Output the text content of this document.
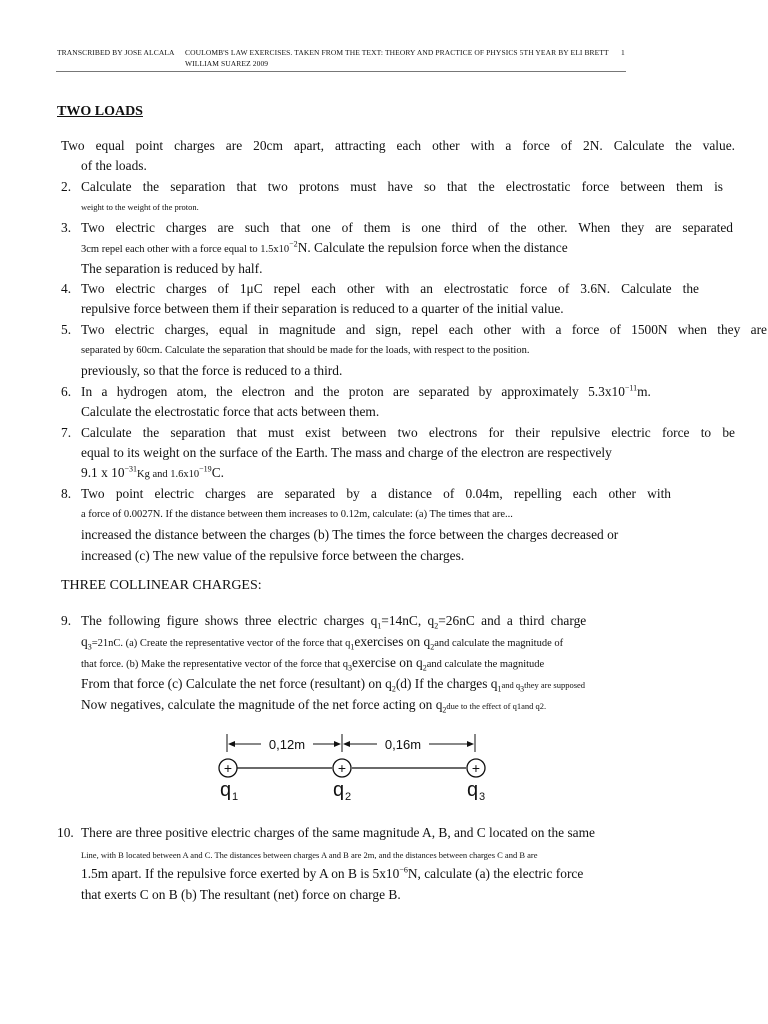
TRANSCRIBED BY JOSE ALCALA COULOMB'S LAW EXERCISES. TAKEN FROM THE TEXT: THEORY AND PRACTICE OF PHYSICS 5TH YEAR BY ELI BRETT
WILLIAM SUAREZ 2009
1
TWO LOADS
Two equal point charges are 20cm apart, attracting each other with a force of 2N. Calculate the value.
of the loads.
2. Calculate the separation that two protons must have so that the electrostatic force between them is
weight to the weight of the proton.
3. Two electric charges are such that one of them is one third of the other. When they are separated
3cm repel each other with a force equal to $1.5x10^{-2}N$. Calculate the repulsion force when the distance
The separation is reduced by half.
4. Two electric charges of 1μC repel each other with an electrostatic force of 3.6N. Calculate the
repulsive force between them if their separation is reduced to a quarter of the initial value.
5. Two electric charges, equal in magnitude and sign, repel each other with a force of 1500N when they are
separated by 60cm. Calculate the separation that should be made for the loads, with respect to the position.
previously, so that the force is reduced to a third.
6. In a hydrogen atom, the electron and the proton are separated by approximately $5.3x10^{-11}m$.
Calculate the electrostatic force that acts between them.
7. Calculate the separation that must exist between two electrons for their repulsive electric force to be
equal to its weight on the surface of the Earth. The mass and charge of the electron are respectively
9.1 x $10^{-31}Kg$ and $1.6x10^{-19}C$.
8. Two point electric charges are separated by a distance of 0.04m, repelling each other with
a force of 0.0027N. If the distance between them increases to 0.12m, calculate: (a) The times that are...
increased the distance between the charges (b) The times the force between the charges decreased or
increased (c) The new value of the repulsive force between the charges.
THREE COLLINEAR CHARGES:
9. The following figure shows three electric charges $q_1=14nC$, $q_2=26nC$ and a third charge
$q_3=21nC$. (a) Create the representative vector of the force that $q_1exercises$ on $q_2and$ calculate the magnitude of
that force. (b) Make the representative vector of the force that $q_3exercise$ on $q_2and$ calculate the magnitude
From that force (c) Calculate the net force (resultant) on $q_2(d)$ If the charges $q_1and$ $q_3they$ are supposed
Now negatives, calculate the magnitude of the net force acting on $q_2due$ to the effect of q1and q2.
0,12m	0,16m
+	+	+
q 1	q 2	q 3
10. There are three positive electric charges of the same magnitude A, B, and C located on the same
Line, with B located between A and C. The distances between charges A and B are 2m, and the distances between charges C and B are
1.5m apart. If the repulsive force exerted by A on B is $5x10^{-6}N$, calculate (a) the electric force
that exerts C on B (b) The resultant (net) force on charge B.
